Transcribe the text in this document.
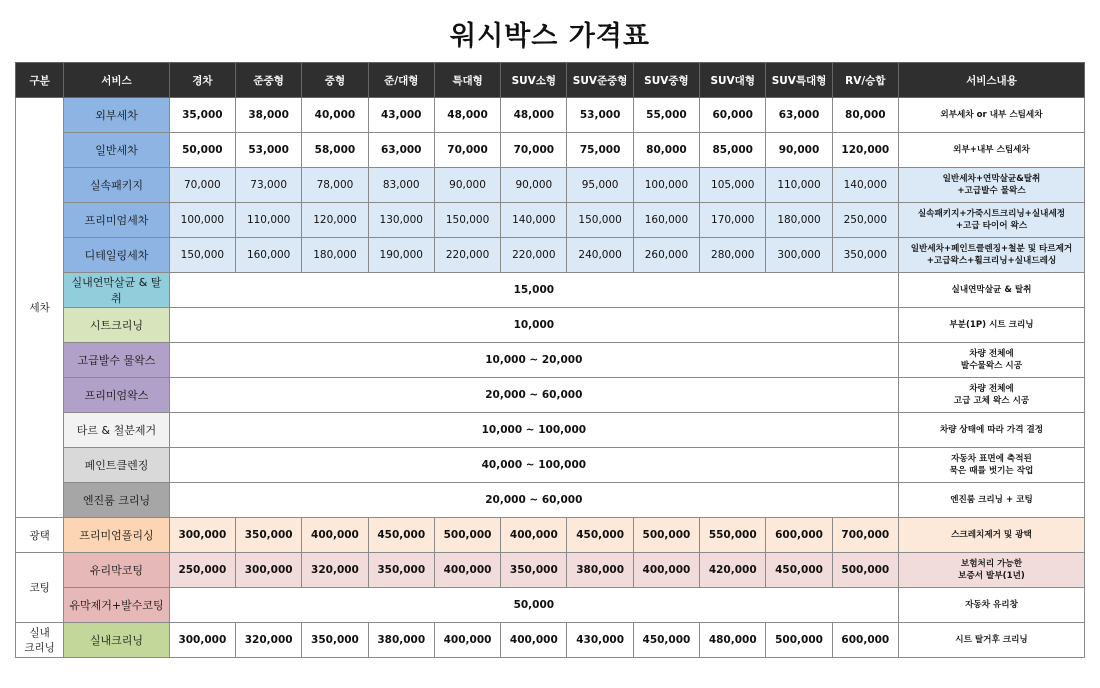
워시박스 가격표
구분	서비스	경차	준중형	중형	준/대형	특대형	SUV소형	SUV준중형	SUV중형	SUV대형	SUV특대형	RV/승합	서비스내용
세차	외부세차	35,000	38,000	40,000	43,000	48,000	48,000	53,000	55,000	60,000	63,000	80,000	외부세차 or 내부 스팀세차

	일반세차	50,000	53,000	58,000	63,000	70,000	70,000	75,000	80,000	85,000	90,000	120,000	외부+내부 스팀세차

	실속패키지	70,000	73,000	78,000	83,000	90,000	90,000	95,000	100,000	105,000	110,000	140,000	일반세차+연막살균&탈취
+고급발수 물왁스

	프리미엄세차	100,000	110,000	120,000	130,000	150,000	140,000	150,000	160,000	170,000	180,000	250,000	실속패키지+가죽시트크리닝+실내세정
+고급 타이어 왁스

	디테일링세차	150,000	160,000	180,000	190,000	220,000	220,000	240,000	260,000	280,000	300,000	350,000	일반세차+페인트클렌징+철분 및 타르제거
+고급왁스+휠크리닝+실내드레싱

	실내연막살균 & 탈취	15,000											실내연막살균 & 탈취

	시트크리닝	10,000											부분(1P) 시트 크리닝

	고급발수 물왁스	10,000 ~ 20,000											차량 전체에
발수물왁스 시공

	프리미엄왁스	20,000 ~ 60,000											차량 전체에
고급 고체 왁스 시공

	타르 & 철분제거	10,000 ~ 100,000											차량 상태에 따라 가격 결정

	페인트클렌징	40,000 ~ 100,000											자동차 표면에 축적된
묵은 때를 벗기는 작업

	엔진룸 크리닝	20,000 ~ 60,000											엔진룸 크리닝 + 코팅

광택	프리미엄폴리싱	300,000	350,000	400,000	450,000	500,000	400,000	450,000	500,000	550,000	600,000	700,000	스크레치제거 및 광택

코팅	유리막코팅	250,000	300,000	320,000	350,000	400,000	350,000	380,000	400,000	420,000	450,000	500,000	보험처리 가능한
보증서 발부(1년)

	유막제거+발수코팅	50,000											자동차 유리창

실내
크리닝	실내크리닝	300,000	320,000	350,000	380,000	400,000	400,000	430,000	450,000	480,000	500,000	600,000	시트 탈거후 크리닝
